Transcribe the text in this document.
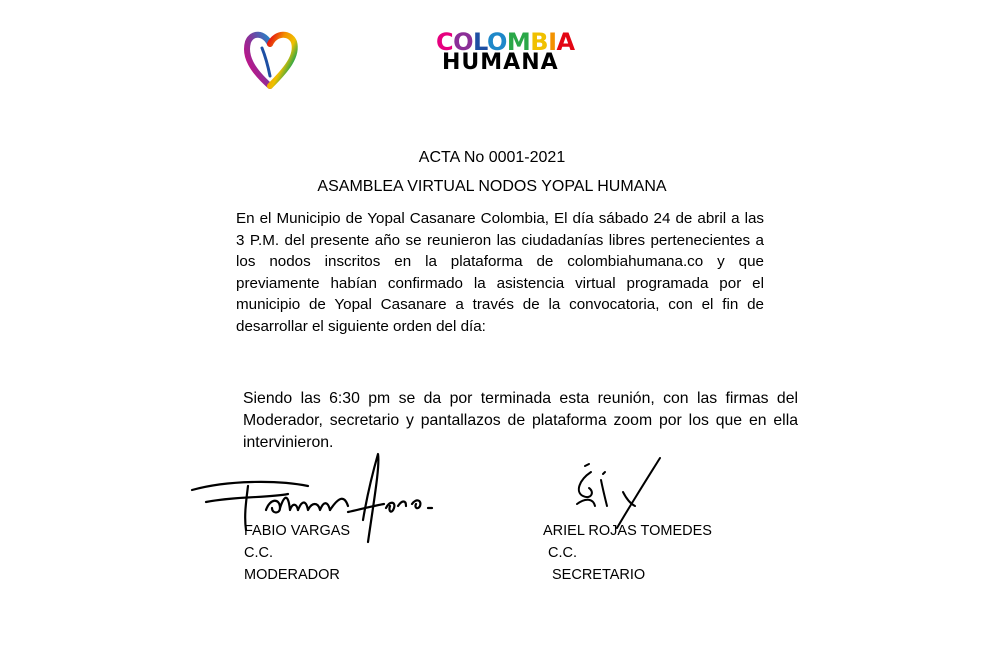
COLOMBIA
HUMANA
ACTA No 0001-2021
ASAMBLEA VIRTUAL NODOS YOPAL HUMANA
En el Municipio de Yopal Casanare Colombia, El día sábado 24 de abril a las 3 P.M. del presente año se reunieron las ciudadanías libres pertenecientes a los nodos inscritos en la plataforma de colombiahumana.co y que previamente habían confirmado la asistencia virtual programada por el municipio de Yopal Casanare a través de la convocatoria, con el fin de desarrollar el siguiente orden del día:
Siendo las 6:30 pm se da por terminada esta reunión, con las firmas del Moderador, secretario y pantallazos de plataforma zoom por los que en ella intervinieron.
FABIO VARGAS
C.C.
MODERADOR
ARIEL ROJAS TOMEDES
C.C.
SECRETARIO
